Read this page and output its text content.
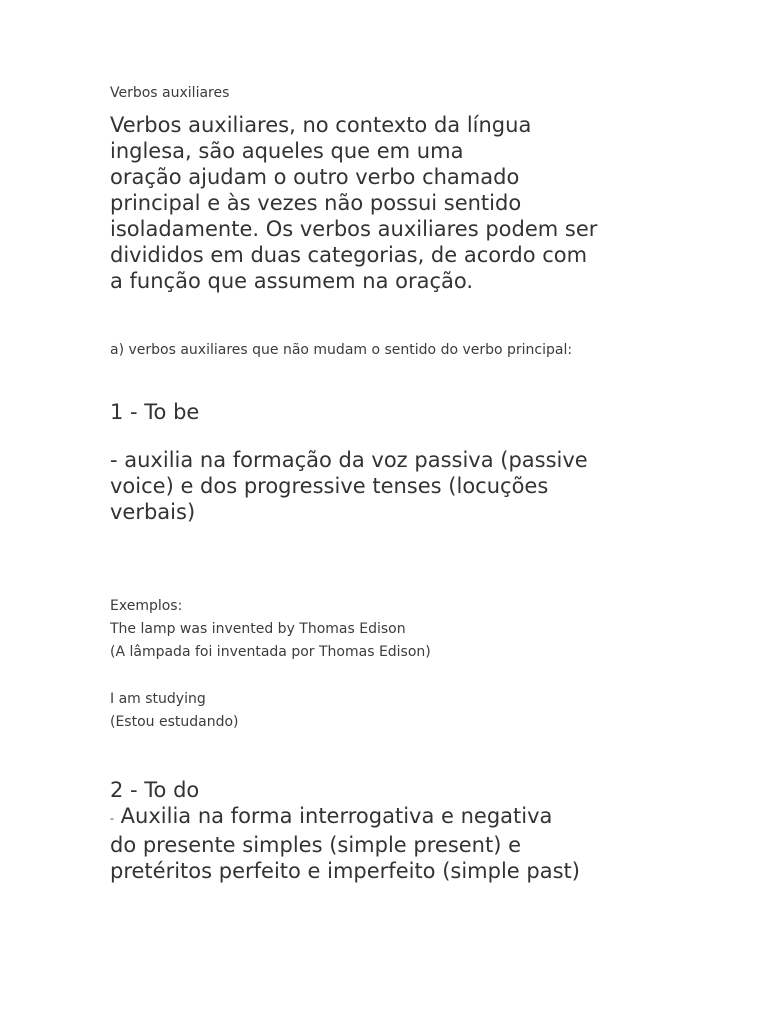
Verbos auxiliares

Verbos auxiliares, no contexto da língua
inglesa, são aqueles que em uma
oração ajudam o outro verbo chamado
principal e às vezes não possui sentido
isoladamente. Os verbos auxiliares podem ser
divididos em duas categorias, de acordo com
a função que assumem na oração.

a) verbos auxiliares que não mudam o sentido do verbo principal:

1 - To be

- auxilia na formação da voz passiva (passive
voice) e dos progressive tenses (locuções
verbais)
Exemplos:
The lamp was invented by Thomas Edison
(A lâmpada foi inventada por Thomas Edison)
I am studying
(Estou estudando)

2 - To do

- Auxilia na forma interrogativa e negativa
do presente simples (simple present) e
pretéritos perfeito e imperfeito (simple past)
